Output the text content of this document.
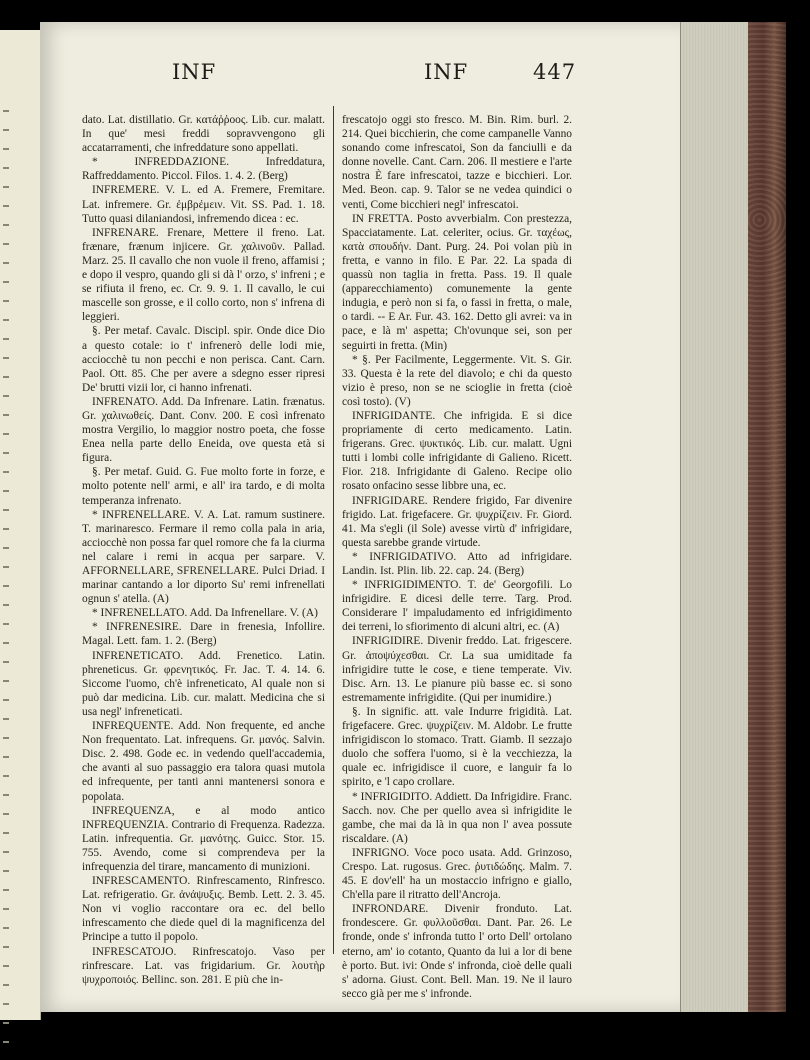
INF	INF	447

dato. Lat. distillatio. Gr. κατάῤῥοος. Lib. cur. malatt. In que' mesi freddi sopravvengono gli accatarramenti, che infreddature sono appellati.

* INFREDDAZIONE. Infreddatura, Raffreddamento. Piccol. Filos. 1. 4. 2. (Berg)

INFREMERE. V. L. ed A. Fremere, Fremitare. Lat. infremere. Gr. ἐμβρέμειν. Vit. SS. Pad. 1. 18. Tutto quasi dilaniandosi, infremendo dicea : ec.

INFRENARE. Frenare, Mettere il freno. Lat. frænare, frænum injicere. Gr. χαλινοῦν. Pallad. Marz. 25. Il cavallo che non vuole il freno, affamisi ; e dopo il vespro, quando gli si dà l' orzo, s' infreni ; e se rifiuta il freno, ec. Cr. 9. 9. 1. Il cavallo, le cui mascelle son grosse, e il collo corto, non s' infrena di leggieri.

§. Per metaf. Cavalc. Discipl. spir. Onde dice Dio a questo cotale: io t' infrenerò delle lodi mie, acciocchè tu non pecchi e non perisca. Cant. Carn. Paol. Ott. 85. Che per avere a sdegno esser ripresi De' brutti vizii lor, ci hanno infrenati.

INFRENATO. Add. Da Infrenare. Latin. frænatus. Gr. χαλινωθείς. Dant. Conv. 200. E così infrenato mostra Vergilio, lo maggior nostro poeta, che fosse Enea nella parte dello Eneida, ove questa età si figura.

§. Per metaf. Guid. G. Fue molto forte in forze, e molto potente nell' armi, e all' ira tardo, e di molta temperanza infrenato.

* INFRENELLARE. V. A. Lat. ramum sustinere. T. marinaresco. Fermare il remo colla pala in aria, acciocchè non possa far quel romore che fa la ciurma nel calare i remi in acqua per sarpare. V. AFFORNELLARE, SFRENELLARE. Pulci Driad. I marinar cantando a lor diporto Su' remi infrenellati ognun s' atella. (A)

* INFRENELLATO. Add. Da Infrenellare. V. (A)

* INFRENESIRE. Dare in frenesia, Infollire. Magal. Lett. fam. 1. 2. (Berg)

INFRENETICATO. Add. Frenetico. Latin. phreneticus. Gr. φρενητικός. Fr. Jac. T. 4. 14. 6. Siccome l'uomo, ch'è infreneticato, Al quale non si può dar medicina. Lib. cur. malatt. Medicina che si usa negl' infreneticati.

INFREQUENTE. Add. Non frequente, ed anche Non frequentato. Lat. infrequens. Gr. μανός. Salvin. Disc. 2. 498. Gode ec. in vedendo quell'accademia, che avanti al suo passaggio era talora quasi mutola ed infrequente, per tanti anni mantenersi sonora e popolata.

INFREQUENZA, e al modo antico INFREQUENZIA. Contrario di Frequenza. Radezza. Latin. infrequentia. Gr. μανότης. Guicc. Stor. 15. 755. Avendo, come si comprendeva per la infrequenzia del tirare, mancamento di munizioni.

INFRESCAMENTO. Rinfrescamento, Rinfresco. Lat. refrigeratio. Gr. ἀνάψυξις. Bemb. Lett. 2. 3. 45. Non vi voglio raccontare ora ec. del bello infrescamento che diede quel di la magnificenza del Principe a tutto il popolo.

INFRESCATOJO. Rinfrescatojo. Vaso per rinfrescare. Lat. vas frigidarium. Gr. λουτὴρ ψυχροποιός. Bellinc. son. 281. E più che in-

frescatojo oggi sto fresco. M. Bin. Rim. burl. 2. 214. Quei bicchierin, che come campanelle Vanno sonando come infrescatoi, Son da fanciulli e da donne novelle. Cant. Carn. 206. Il mestiere e l'arte nostra È fare infrescatoi, tazze e bicchieri. Lor. Med. Beon. cap. 9. Talor se ne vedea quindici o venti, Come bicchieri negl' infrescatoi.

IN FRETTA. Posto avverbialm. Con prestezza, Spacciatamente. Lat. celeriter, ocius. Gr. ταχέως, κατὰ σπουδήν. Dant. Purg. 24. Poi volan più in fretta, e vanno in filo. E Par. 22. La spada di quassù non taglia in fretta. Pass. 19. Il quale (apparecchiamento) comunemente la gente indugia, e però non si fa, o fassi in fretta, o male, o tardi. -- E Ar. Fur. 43. 162. Detto gli avrei: va in pace, e là m' aspetta; Ch'ovunque sei, son per seguirti in fretta. (Min)

* §. Per Facilmente, Leggermente. Vit. S. Gir. 33. Questa è la rete del diavolo; e chi da questo vizio è preso, non se ne scioglie in fretta (cioè così tosto). (V)

INFRIGIDANTE. Che infrigida. E si dice propriamente di certo medicamento. Latin. frigerans. Grec. ψυκτικός. Lib. cur. malatt. Ugni tutti i lombi colle infrigidante di Galieno. Ricett. Fior. 218. Infrigidante di Galeno. Recipe olio rosato onfacino sesse libbre una, ec.

INFRIGIDARE. Rendere frigido, Far divenire frigido. Lat. frigefacere. Gr. ψυχρίζειν. Fr. Giord. 41. Ma s'egli (il Sole) avesse virtù d' infrigidare, questa sarebbe grande virtude.

* INFRIGIDATIVO. Atto ad infrigidare. Landin. Ist. Plin. lib. 22. cap. 24. (Berg)

* INFRIGIDIMENTO. T. de' Georgofili. Lo infrigidire. E dicesi delle terre. Targ. Prod. Considerare l' impaludamento ed infrigidimento dei terreni, lo sfiorimento di alcuni altri, ec. (A)

INFRIGIDIRE. Divenir freddo. Lat. frigescere. Gr. ἀποψύχεσθαι. Cr. La sua umiditade fa infrigidire tutte le cose, e tiene temperate. Viv. Disc. Arn. 13. Le pianure più basse ec. si sono estremamente infrigidite. (Qui per inumidire.)

§. In signific. att. vale Indurre frigidità. Lat. frigefacere. Grec. ψυχρίζειν. M. Aldobr. Le frutte infrigidiscon lo stomaco. Tratt. Giamb. Il sezzajo duolo che soffera l'uomo, si è la vecchiezza, la quale ec. infrigidisce il cuore, e languir fa lo spirito, e 'l capo crollare.

* INFRIGIDITO. Addiett. Da Infrigidire. Franc. Sacch. nov. Che per quello avea sì infrigidite le gambe, che mai da là in qua non l' avea possute riscaldare. (A)

INFRIGNO. Voce poco usata. Add. Grinzoso, Crespo. Lat. rugosus. Grec. ῥυτιδώδης. Malm. 7. 45. E dov'ell' ha un mostaccio infrigno e giallo, Ch'ella pare il ritratto dell'Ancroja.

INFRONDARE. Divenir fronduto. Lat. frondescere. Gr. φυλλοῦσθαι. Dant. Par. 26. Le fronde, onde s' infronda tutto l' orto Dell' ortolano eterno, am' io cotanto, Quanto da lui a lor di bene è porto. But. ivi: Onde s' infronda, cioè delle quali s' adorna. Giust. Cont. Bell. Man. 19. Ne il lauro secco già per me s' infronde.
